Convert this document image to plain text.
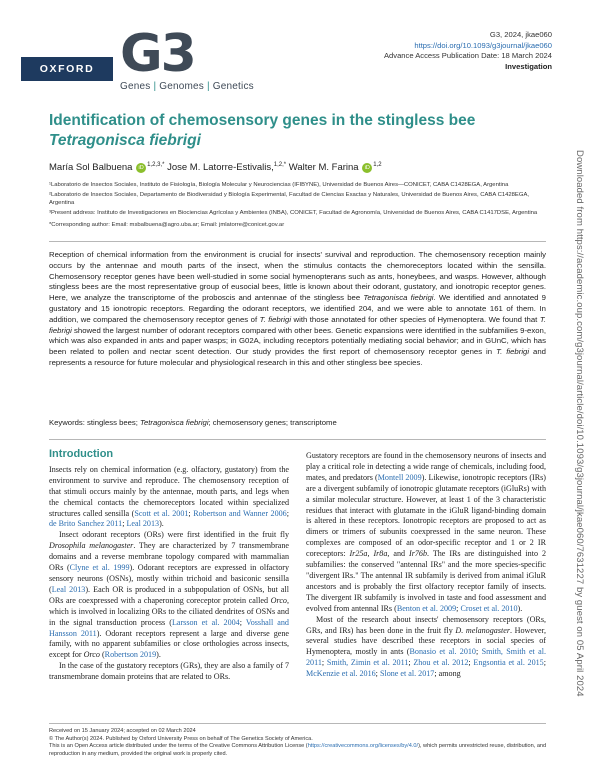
OXFORD G3
Genes | Genomes | Genetics
G3, 2024, jkae060
https://doi.org/10.1093/g3journal/jkae060
Advance Access Publication Date: 18 March 2024
Investigation
Downloaded from https://academic.oup.com/g3journal/article/doi/10.1093/g3journal/jkae060/7631227 by guest on 05 April 2024
Identification of chemosensory genes in the stingless bee
Tetragonisca fiebrigi
María Sol Balbuena iD $^{1,2,3,*}$ Jose M. Latorre-Estivalis,$^{1,2,*}$ Walter M. Farina iD $^{1,2}$

¹Laboratorio de Insectos Sociales, Instituto de Fisiología, Biología Molecular y Neurociencias (IFIBYNE), Universidad de Buenos Aires—CONICET, CABA C1428EGA, Argentina

²Laboratorio de Insectos Sociales, Departamento de Biodiversidad y Biología Experimental, Facultad de Ciencias Exactas y Naturales, Universidad de Buenos Aires, CABA C1428EGA, Argentina

³Present address: Instituto de Investigaciones en Biociencias Agrícolas y Ambientes (INBA), CONICET, Facultad de Agronomía, Universidad de Buenos Aires, CABA C1417DSE, Argentina

*Corresponding author: Email: msbalbuena@agro.uba.ar; Email: jmlatorre@conicet.gov.ar

Reception of chemical information from the environment is crucial for insects' survival and reproduction. The chemosensory reception mainly occurs by the antennae and mouth parts of the insect, when the stimulus contacts the chemoreceptors located within the sensilla. Chemosensory receptor genes have been well-studied in some social hymenopterans such as ants, honeybees, and wasps. However, although stingless bees are the most representative group of eusocial bees, little is known about their odorant, gustatory, and ionotropic receptor genes. Here, we analyze the transcriptome of the proboscis and antennae of the stingless bee Tetragonisca fiebrigi. We identified and annotated 9 gustatory and 15 ionotropic receptors. Regarding the odorant receptors, we identified 204, and we were able to annotate 161 of them. In addition, we compared the chemosensory receptor genes of T. fiebrigi with those annotated for other species of Hymenoptera. We found that T. fiebrigi showed the largest number of odorant receptors compared with other bees. Genetic expansions were identified in the subfamilies 9-exon, which was also expanded in ants and paper wasps; in G02A, including receptors potentially mediating social behavior; and in GUnC, which has been related to pollen and nectar scent detection. Our study provides the first report of chemosensory receptor genes in T. fiebrigi and represents a resource for future molecular and physiological research in this and other stingless bee species.
Keywords: stingless bees; Tetragonisca fiebrigi; chemosensory genes; transcriptome
Introduction

Insects rely on chemical information (e.g. olfactory, gustatory) from the environment to survive and reproduce. The chemosensory reception of that stimuli occurs mainly by the antennae, mouth parts, and legs when the chemical contacts the chemoreceptors located within specialized structures called sensilla (Scott et al. 2001; Robertson and Wanner 2006; de Brito Sanchez 2011; Leal 2013).

Insect odorant receptors (ORs) were first identified in the fruit fly Drosophila melanogaster. They are characterized by 7 transmembrane domains and a reverse membrane topology compared with mammalian ORs (Clyne et al. 1999). Odorant receptors are expressed in olfactory sensory neurons (OSNs), mostly within trichoid and basiconic sensilla (Leal 2013). Each OR is produced in a subpopulation of OSNs, but all ORs are coexpressed with a chaperoning coreceptor protein called Orco, which is involved in localizing ORs to the ciliated dendrites of OSNs and in the signal transduction process (Larsson et al. 2004; Vosshall and Hansson 2011). Odorant receptors represent a large and diverse gene family, with no apparent subfamilies or close orthologies across insects, except for Orco (Robertson 2019).

In the case of the gustatory receptors (GRs), they are also a family of 7 transmembrane domain proteins that are related to ORs.

Gustatory receptors are found in the chemosensory neurons of insects and play a critical role in detecting a wide range of chemicals, including food, mates, and predators (Montell 2009). Likewise, ionotropic receptors (IRs) are a divergent subfamily of ionotropic glutamate receptors (iGluRs) with a similar molecular structure. However, at least 1 of the 3 characteristic residues that interact with glutamate in the iGluR ligand-binding domain is altered in these receptors. Ionotropic receptors are proposed to act as dimers or trimers of subunits coexpressed in the same neuron. These complexes are composed of an odor-specific receptor and 1 or 2 IR coreceptors: Ir25a, Ir8a, and Ir76b. The IRs are distinguished into 2 subfamilies: the conserved "antennal IRs" and the more species-specific "divergent IRs." The antennal IR subfamily is derived from animal iGluR ancestors and is probably the first olfactory receptor family of insects. The divergent IR subfamily is involved in taste and food assessment and evolved from antennal IRs (Benton et al. 2009; Croset et al. 2010).

Most of the research about insects' chemosensory receptors (ORs, GRs, and IRs) has been done in the fruit fly D. melanogaster. However, several studies have described these receptors in social species of Hymenoptera, mostly in ants (Bonasio et al. 2010; Smith, Smith et al. 2011; Smith, Zimin et al. 2011; Zhou et al. 2012; Engsontia et al. 2015; McKenzie et al. 2016; Slone et al. 2017; among

Received on 15 January 2024; accepted on 02 March 2024
© The Author(s) 2024. Published by Oxford University Press on behalf of The Genetics Society of America.
This is an Open Access article distributed under the terms of the Creative Commons Attribution License (https://creativecommons.org/licenses/by/4.0/), which permits unrestricted reuse, distribution, and reproduction in any medium, provided the original work is properly cited.
